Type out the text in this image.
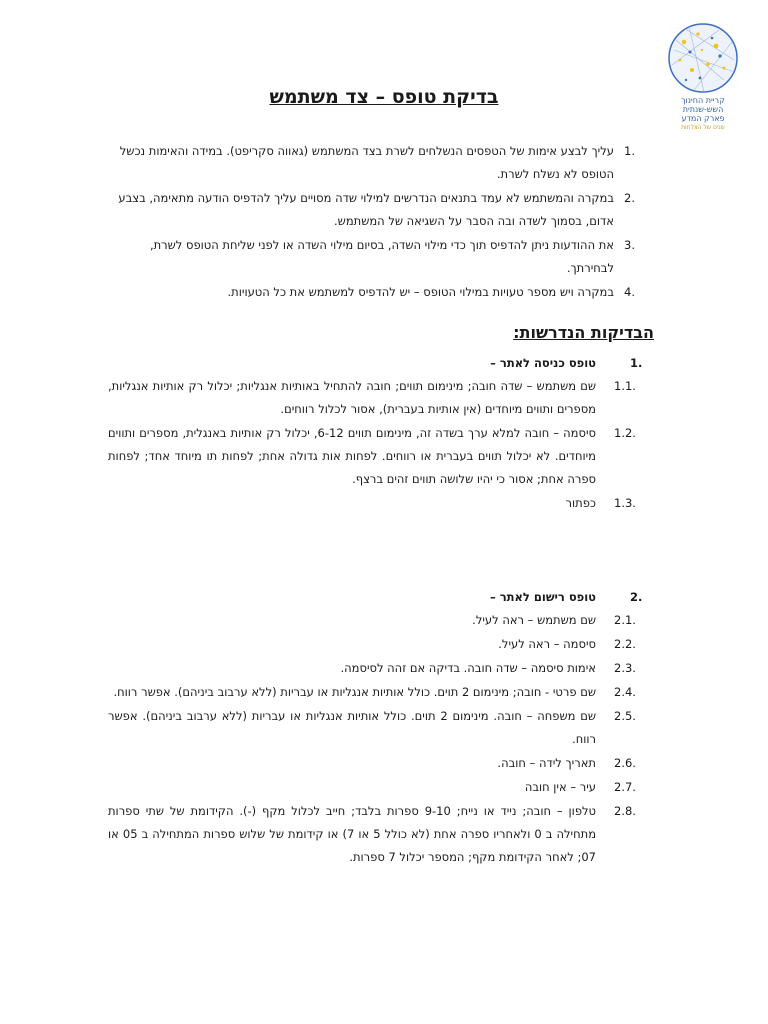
קריית החינוך
השש-שנתית
פארק המדע
שנים של הצלחות
בדיקת טופס – צד משתמש
1.
עליך לבצע אימות של הטפסים הנשלחים לשרת בצד המשתמש (גאווה סקריפט). במידה והאימות נכשל הטופס לא נשלח לשרת.
2.
במקרה והמשתמש לא עמד בתנאים הנדרשים למילוי שדה מסויים עליך להדפיס הודעה מתאימה, בצבע אדום, בסמוך לשדה ובה הסבר על השגיאה של המשתמש.
3.
את ההודעות ניתן להדפיס תוך כדי מילוי השדה, בסיום מילוי השדה או לפני שליחת הטופס לשרת, לבחירתך.
4.
במקרה ויש מספר טעויות במילוי הטופס – יש להדפיס למשתמש את כל הטעויות.
הבדיקות הנדרשות:
1.
טופס כניסה לאתר –
1.1.
שם משתמש – שדה חובה; מינימום תווים; חובה להתחיל באותיות אנגליות; יכלול רק אותיות אנגליות, מספרים ותווים מיוחדים (אין אותיות בעברית), אסור לכלול רווחים.
1.2.
סיסמה – חובה למלא ערך בשדה זה, מינימום תווים 6-12, יכלול רק אותיות באנגלית, מספרים ותווים מיוחדים. לא יכלול תווים בעברית או רווחים. לפחות אות גדולה אחת; לפחות תו מיוחד אחד; לפחות ספרה אחת; אסור כי יהיו שלושה תווים זהים ברצף.
1.3.
כפתור
2.
טופס רישום לאתר –
2.1.
שם משתמש – ראה לעיל.
2.2.
סיסמה – ראה לעיל.
2.3.
אימות סיסמה – שדה חובה. בדיקה אם זהה לסיסמה.
2.4.
שם פרטי - חובה; מינימום 2 תוים. כולל אותיות אנגליות או עבריות (ללא ערבוב ביניהם). אפשר רווח.
2.5.
שם משפחה – חובה. מינימום 2 תוים. כולל אותיות אנגליות או עבריות (ללא ערבוב ביניהם). אפשר רווח.
2.6.
תאריך לידה – חובה.
2.7.
עיר – אין חובה
2.8.
טלפון – חובה; נייד או נייח; 9-10 ספרות בלבד; חייב לכלול מקף (-). הקידומת של שתי ספרות מתחילה ב 0 ולאחריו ספרה אחת (לא כולל 5 או 7) או קידומת של שלוש ספרות המתחילה ב 05 או 07; לאחר הקידומת מקף; המספר יכלול 7 ספרות.
